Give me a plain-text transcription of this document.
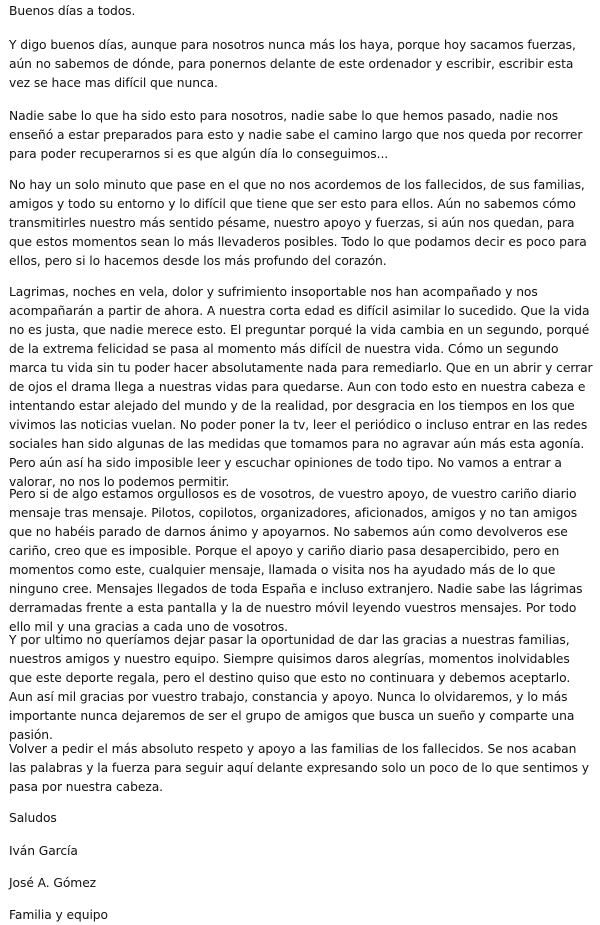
Buenos días a todos.

Y digo buenos días, aunque para nosotros nunca más los haya, porque hoy sacamos fuerzas, aún no sabemos de dónde, para ponernos delante de este ordenador y escribir, escribir esta vez se hace mas difícil que nunca.

Nadie sabe lo que ha sido esto para nosotros, nadie sabe lo que hemos pasado, nadie nos enseñó a estar preparados para esto y nadie sabe el camino largo que nos queda por recorrer para poder recuperarnos si es que algún día lo conseguimos...

No hay un solo minuto que pase en el que no nos acordemos de los fallecidos, de sus familias, amigos y todo su entorno y lo difícil que tiene que ser esto para ellos. Aún no sabemos cómo transmitirles nuestro más sentido pésame, nuestro apoyo y fuerzas, si aún nos quedan, para que estos momentos sean lo más llevaderos posibles. Todo lo que podamos decir es poco para ellos, pero si lo hacemos desde los más profundo del corazón.

Lagrimas, noches en vela, dolor y sufrimiento insoportable nos han acompañado y nos acompañarán a partir de ahora. A nuestra corta edad es difícil asimilar lo sucedido. Que la vida no es justa, que nadie merece esto. El preguntar porqué la vida cambia en un segundo, porqué de la extrema felicidad se pasa al momento más difícil de nuestra vida. Cómo un segundo marca tu vida sin tu poder hacer absolutamente nada para remediarlo. Que en un abrir y cerrar de ojos el drama llega a nuestras vidas para quedarse. Aun con todo esto en nuestra cabeza e intentando estar alejado del mundo y de la realidad, por desgracia en los tiempos en los que vivimos las noticias vuelan. No poder poner la tv, leer el periódico o incluso entrar en las redes sociales han sido algunas de las medidas que tomamos para no agravar aún más esta agonía. Pero aún así ha sido imposible leer y escuchar opiniones de todo tipo. No vamos a entrar a valorar, no nos lo podemos permitir.

Pero si de algo estamos orgullosos es de vosotros, de vuestro apoyo, de vuestro cariño diario mensaje tras mensaje. Pilotos, copilotos, organizadores, aficionados, amigos y no tan amigos que no habéis parado de darnos ánimo y apoyarnos. No sabemos aún como devolveros ese cariño, creo que es imposible. Porque el apoyo y cariño diario pasa desapercibido, pero en momentos como este, cualquier mensaje, llamada o visita nos ha ayudado más de lo que ninguno cree. Mensajes llegados de toda España e incluso extranjero. Nadie sabe las lágrimas derramadas frente a esta pantalla y la de nuestro móvil leyendo vuestros mensajes. Por todo ello mil y una gracias a cada uno de vosotros.

Y por ultimo no queríamos dejar pasar la oportunidad de dar las gracias a nuestras familias, nuestros amigos y nuestro equipo. Siempre quisimos daros alegrías, momentos inolvidables que este deporte regala, pero el destino quiso que esto no continuara y debemos aceptarlo. Aun así mil gracias por vuestro trabajo, constancia y apoyo. Nunca lo olvidaremos, y lo más importante nunca dejaremos de ser el grupo de amigos que busca un sueño y comparte una pasión.

Volver a pedir el más absoluto respeto y apoyo a las familias de los fallecidos. Se nos acaban las palabras y la fuerza para seguir aquí delante expresando solo un poco de lo que sentimos y pasa por nuestra cabeza.

Saludos

Iván García

José A. Gómez

Familia y equipo
